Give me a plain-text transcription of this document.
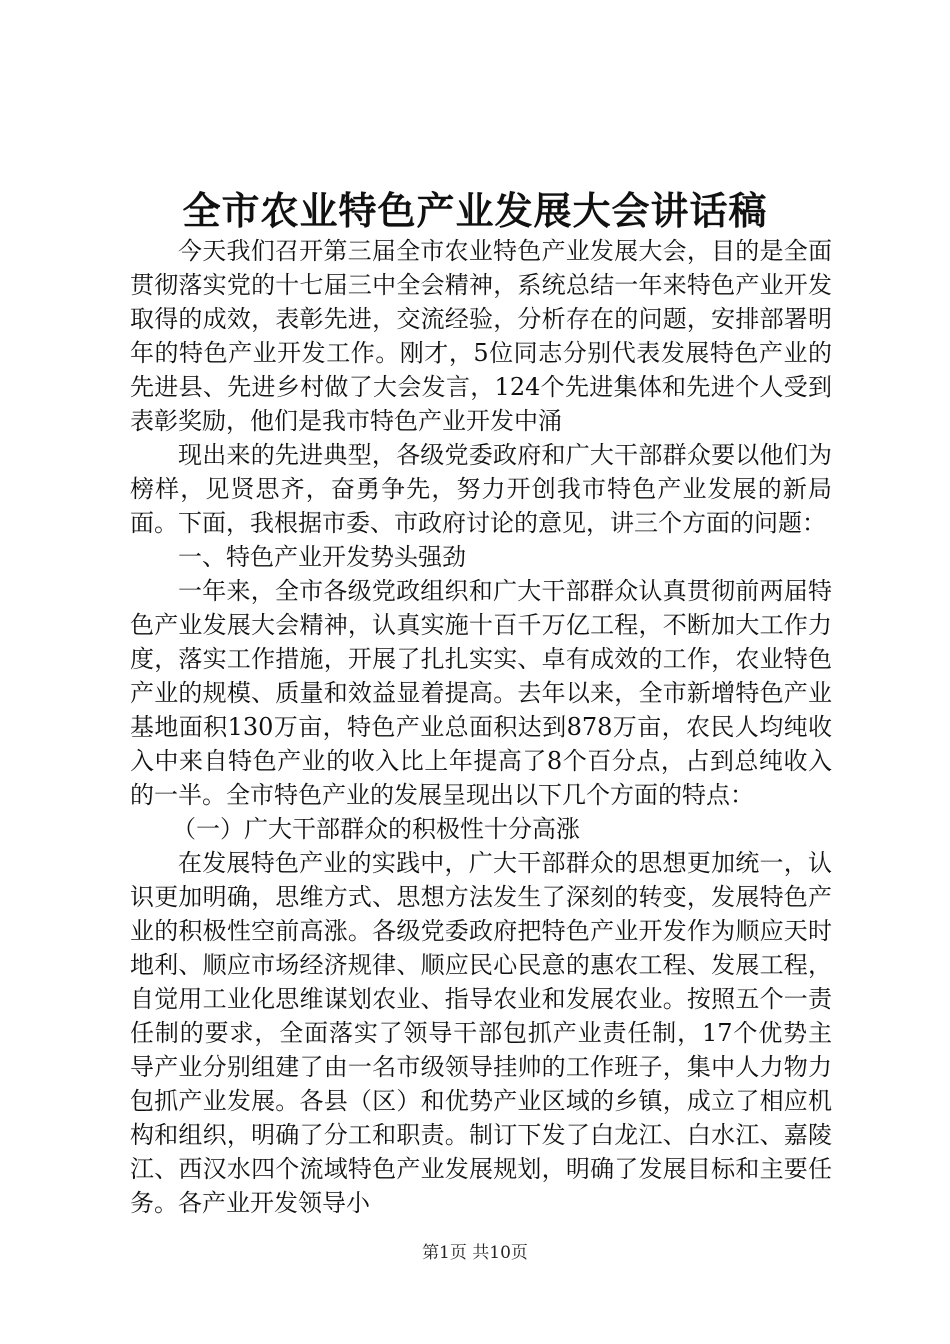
全市农业特色产业发展大会讲话稿

今天我们召开第三届全市农业特色产业发展大会，目的是全面贯彻落实党的十七届三中全会精神，系统总结一年来特色产业开发取得的成效，表彰先进，交流经验，分析存在的问题，安排部署明年的特色产业开发工作。刚才，5位同志分别代表发展特色产业的先进县、先进乡村做了大会发言，124个先进集体和先进个人受到表彰奖励，他们是我市特色产业开发中涌

现出来的先进典型，各级党委政府和广大干部群众要以他们为榜样，见贤思齐，奋勇争先，努力开创我市特色产业发展的新局面。下面，我根据市委、市政府讨论的意见，讲三个方面的问题：

一、特色产业开发势头强劲

一年来，全市各级党政组织和广大干部群众认真贯彻前两届特色产业发展大会精神，认真实施十百千万亿工程，不断加大工作力度，落实工作措施，开展了扎扎实实、卓有成效的工作，农业特色产业的规模、质量和效益显着提高。去年以来，全市新增特色产业基地面积130万亩，特色产业总面积达到878万亩，农民人均纯收入中来自特色产业的收入比上年提高了8个百分点，占到总纯收入的一半。全市特色产业的发展呈现出以下几个方面的特点：

（一）广大干部群众的积极性十分高涨

在发展特色产业的实践中，广大干部群众的思想更加统一，认识更加明确，思维方式、思想方法发生了深刻的转变，发展特色产业的积极性空前高涨。各级党委政府把特色产业开发作为顺应天时地利、顺应市场经济规律、顺应民心民意的惠农工程、发展工程，自觉用工业化思维谋划农业、指导农业和发展农业。按照五个一责任制的要求，全面落实了领导干部包抓产业责任制，17个优势主导产业分别组建了由一名市级领导挂帅的工作班子，集中人力物力包抓产业发展。各县（区）和优势产业区域的乡镇，成立了相应机构和组织，明确了分工和职责。制订下发了白龙江、白水江、嘉陵江、西汉水四个流域特色产业发展规划，明确了发展目标和主要任务。各产业开发领导小

第1页 共10页
